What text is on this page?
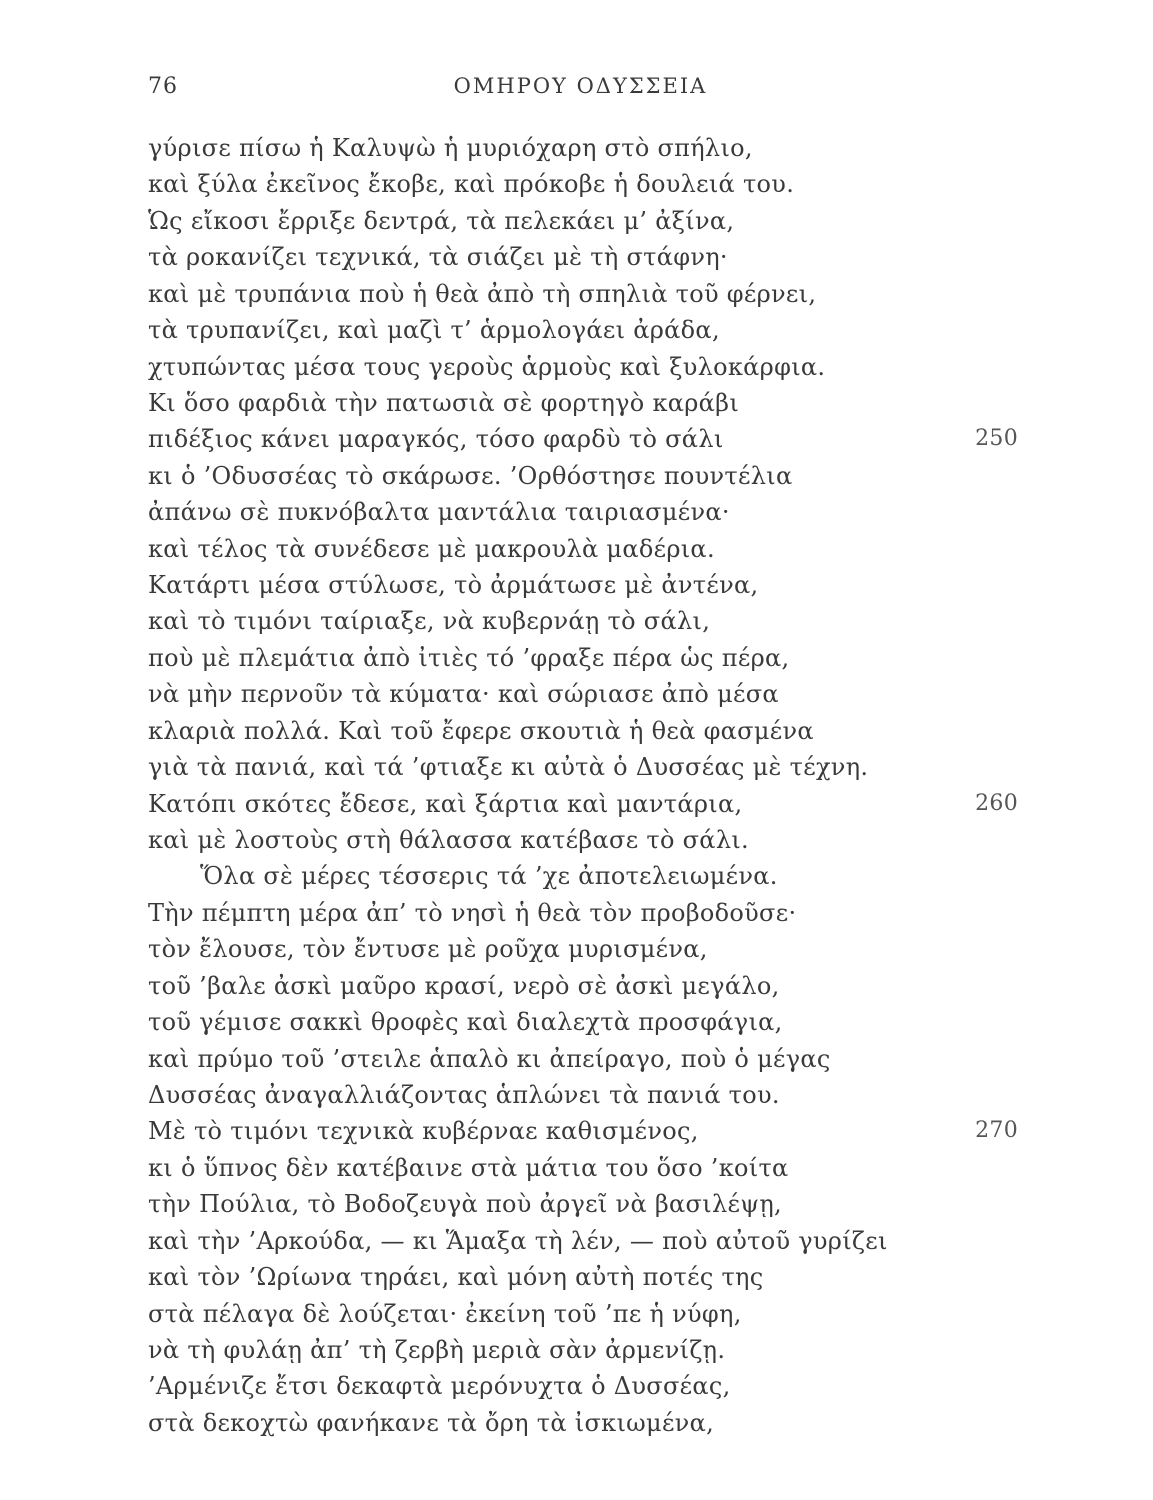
76	ΟΜΗΡΟΥ ΟΔΥΣΣΕΙΑ
γύρισε πίσω ἡ Καλυψὼ ἡ μυριόχαρη στὸ σπήλιο,
καὶ ξύλα ἐκεῖνος ἔκοβε, καὶ πρόκοβε ἡ δουλειά του.
Ὡς εἴκοσι ἔρριξε δεντρά, τὰ πελεκάει μ’ ἀξίνα,
τὰ ροκανίζει τεχνικά, τὰ σιάζει μὲ τὴ στάφνη·
καὶ μὲ τρυπάνια ποὺ ἡ θεὰ ἀπὸ τὴ σπηλιὰ τοῦ φέρνει,
τὰ τρυπανίζει, καὶ μαζὶ τ’ ἁρμολογάει ἀράδα,
χτυπώντας μέσα τους γεροὺς ἁρμοὺς καὶ ξυλοκάρφια.
Κι ὅσο φαρδιὰ τὴν πατωσιὰ σὲ φορτηγὸ καράβι
πιδέξιος κάνει μαραγκός, τόσο φαρδὺ τὸ σάλι	250
κι ὁ ’Οδυσσέας τὸ σκάρωσε. ’Ορθόστησε πουντέλια
ἀπάνω σὲ πυκνόβαλτα μαντάλια ταιριασμένα·
καὶ τέλος τὰ συνέδεσε μὲ μακρουλὰ μαδέρια.
Κατάρτι μέσα στύλωσε, τὸ ἀρμάτωσε μὲ ἀντένα,
καὶ τὸ τιμόνι ταίριαξε, νὰ κυβερνάῃ τὸ σάλι,
ποὺ μὲ πλεμάτια ἀπὸ ἰτιὲς τό ’φραξε πέρα ὡς πέρα,
νὰ μὴν περνοῦν τὰ κύματα· καὶ σώριασε ἀπὸ μέσα
κλαριὰ πολλά. Καὶ τοῦ ἔφερε σκουτιὰ ἡ θεὰ φασμένα
γιὰ τὰ πανιά, καὶ τά ’φτιαξε κι αὐτὰ ὁ Δυσσέας μὲ τέχνη.
Κατόπι σκότες ἔδεσε, καὶ ξάρτια καὶ μαντάρια,	260
καὶ μὲ λοστοὺς στὴ θάλασσα κατέβασε τὸ σάλι.
Ὅλα σὲ μέρες τέσσερις τά ’χε ἀποτελειωμένα.
Τὴν πέμπτη μέρα ἀπ’ τὸ νησὶ ἡ θεὰ τὸν προβοδοῦσε·
τὸν ἔλουσε, τὸν ἔντυσε μὲ ροῦχα μυρισμένα,
τοῦ ’βαλε ἀσκὶ μαῦρο κρασί, νερὸ σὲ ἀσκὶ μεγάλο,
τοῦ γέμισε σακκὶ θροφὲς καὶ διαλεχτὰ προσφάγια,
καὶ πρύμο τοῦ ’στειλε ἁπαλὸ κι ἀπείραγο, ποὺ ὁ μέγας
Δυσσέας ἀναγαλλιάζοντας ἁπλώνει τὰ πανιά του.
Μὲ τὸ τιμόνι τεχνικὰ κυβέρναε καθισμένος,	270
κι ὁ ὕπνος δὲν κατέβαινε στὰ μάτια του ὅσο ’κοίτα
τὴν Πούλια, τὸ Βοδοζευγὰ ποὺ ἀργεῖ νὰ βασιλέψῃ,
καὶ τὴν ’Αρκούδα, — κι Ἅμαξα τὴ λέν, — ποὺ αὐτοῦ γυρίζει
καὶ τὸν ’Ωρίωνα τηράει, καὶ μόνη αὐτὴ ποτές της
στὰ πέλαγα δὲ λούζεται· ἐκείνη τοῦ ’πε ἡ νύφη,
νὰ τὴ φυλάῃ ἀπ’ τὴ ζερβὴ μεριὰ σὰν ἀρμενίζῃ.
’Αρμένιζε ἔτσι δεκαφτὰ μερόνυχτα ὁ Δυσσέας,
στὰ δεκοχτὼ φανήκανε τὰ ὄρη τὰ ἰσκιωμένα,
